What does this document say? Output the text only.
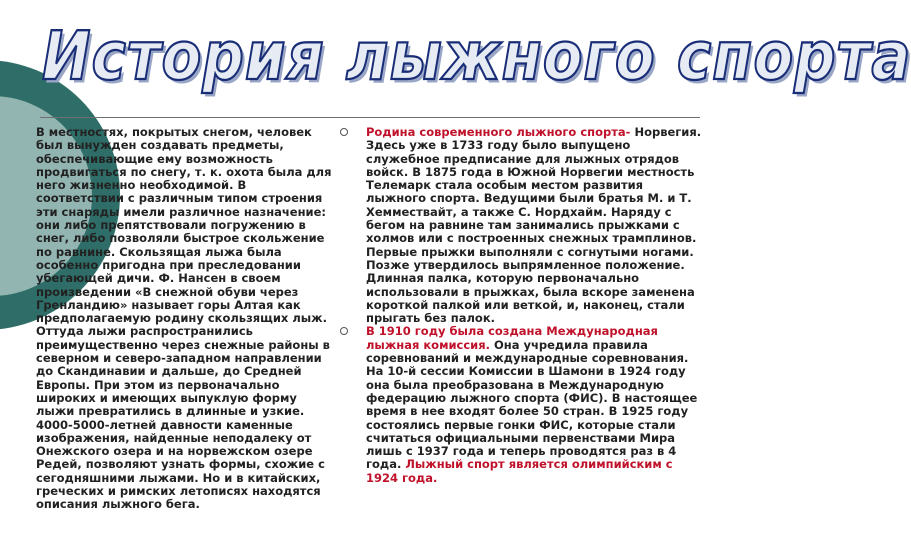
История лыжного спорта

В местностях, покрытых снегом, человек был вынужден создавать предметы, обеспечивающие ему возможность продвигаться по снегу, т. к. охота была для него жизненно необходимой. В соответствии с различным типом строения эти снаряды имели различное назначение: они либо препятствовали погружению в снег, либо позволяли быстрое скольжение по равнине. Скользящая лыжа была особенно пригодна при преследовании убегающей дичи. Ф. Нансен в своем произведении «В снежной обуви через Гренландию» называет горы Алтая как предполагаемую родину скользящих лыж. Оттуда лыжи распространились преимущественно через снежные районы в северном и северо-западном направлении до Скандинавии и дальше, до Средней Европы. При этом из первоначально широких и имеющих выпуклую форму лыжи превратились в длинные и узкие. 4000-5000-летней давности каменные изображения, найденные неподалеку от Онежского озера и на норвежском озере Редей, позволяют узнать формы, схожие с сегодняшними лыжами. Но и в китайских, греческих и римских летописях находятся описания лыжного бега.

Родина современного лыжного спорта- Норвегия. Здесь уже в 1733 году было выпущено служебное предписание для лыжных отрядов войск. В 1875 года в Южной Норвегии местность Телемарк стала особым местом развития лыжного спорта. Ведущими были братья М. и Т. Хеммествайт, а также С. Нордхайм. Наряду с бегом на равнине там занимались прыжками с холмов или с построенных снежных трамплинов. Первые прыжки выполняли с согнутыми ногами. Позже утвердилось выпрямленное положение. Длинная палка, которую первоначально использовали в прыжках, была вскоре заменена короткой палкой или веткой, и, наконец, стали прыгать без палок.
В 1910 году была создана Международная лыжная комиссия. Она учредила правила соревнований и международные соревнования. На 10-й сессии Комиссии в Шамони в 1924 году она была преобразована в Международную федерацию лыжного спорта (ФИС). В настоящее время в нее входят более 50 стран. В 1925 году состоялись первые гонки ФИС, которые стали считаться официальными первенствами Мира лишь с 1937 года и теперь проводятся раз в 4 года. Лыжный спорт является олимпийским с 1924 года.
